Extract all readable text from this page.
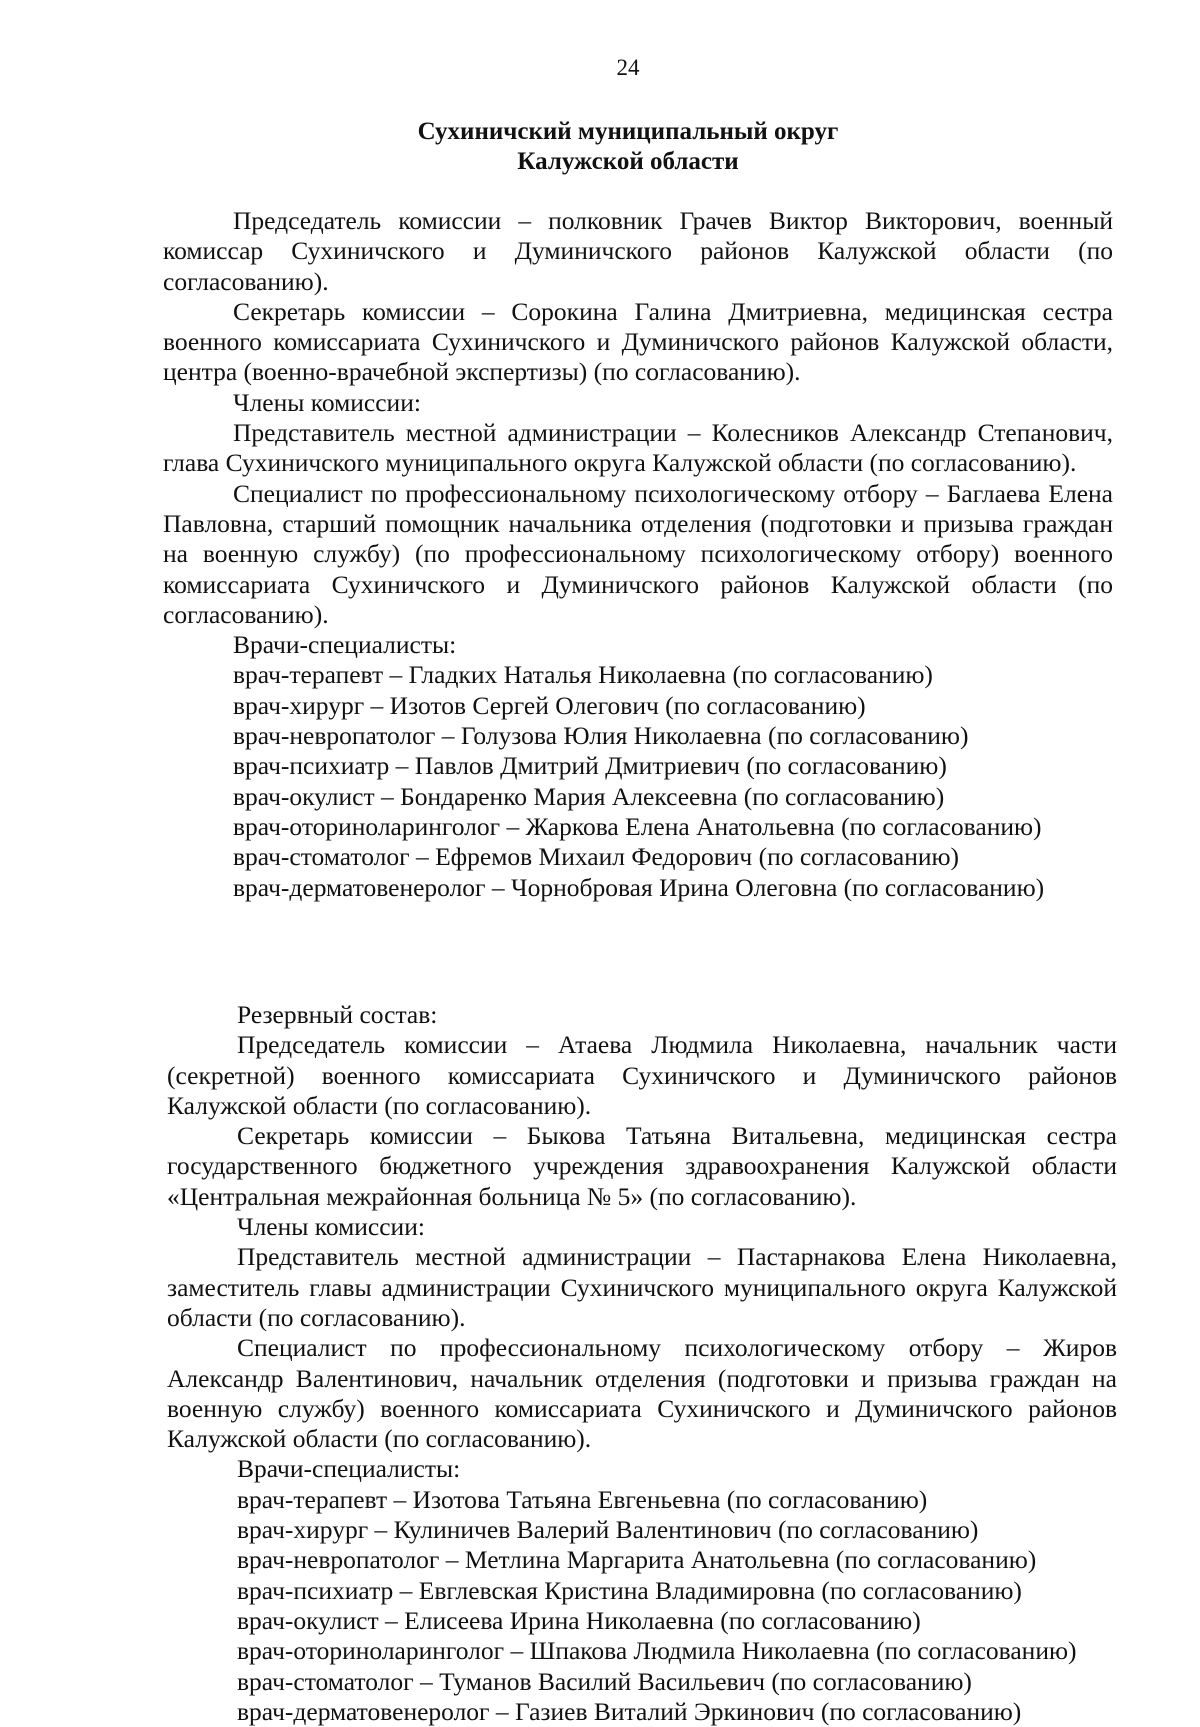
24
Сухиничский муниципальный округ
Калужской области

Председатель комиссии – полковник Грачев Виктор Викторович, военный комиссар Сухиничского и Думиничского районов Калужской области (по согласованию).

Секретарь комиссии – Сорокина Галина Дмитриевна, медицинская сестра военного комиссариата Сухиничского и Думиничского районов Калужской области, центра (военно-врачебной экспертизы) (по согласованию).

Члены комиссии:

Представитель местной администрации – Колесников Александр Степанович, глава Сухиничского муниципального округа Калужской области (по согласованию).

Специалист по профессиональному психологическому отбору – Баглаева Елена Павловна, старший помощник начальника отделения (подготовки и призыва граждан на военную службу) (по профессиональному психологическому отбору) военного комиссариата Сухиничского и Думиничского районов Калужской области (по согласованию).

Врачи-специалисты:

врач-терапевт – Гладких Наталья Николаевна (по согласованию)

врач-хирург – Изотов Сергей Олегович (по согласованию)

врач-невропатолог – Голузова Юлия Николаевна (по согласованию)

врач-психиатр – Павлов Дмитрий Дмитриевич (по согласованию)

врач-окулист – Бондаренко Мария Алексеевна (по согласованию)

врач-оториноларинголог – Жаркова Елена Анатольевна (по согласованию)

врач-стоматолог – Ефремов Михаил Федорович (по согласованию)

врач-дерматовенеролог – Чорнобровая Ирина Олеговна (по согласованию)

Резервный состав:

Председатель комиссии – Атаева Людмила Николаевна, начальник части (секретной) военного комиссариата Сухиничского и Думиничского районов Калужской области (по согласованию).

Секретарь комиссии – Быкова Татьяна Витальевна, медицинская сестра государственного бюджетного учреждения здравоохранения Калужской области «Центральная межрайонная больница № 5» (по согласованию).

Члены комиссии:

Представитель местной администрации – Пастарнакова Елена Николаевна, заместитель главы администрации Сухиничского муниципального округа Калужской области (по согласованию).

Специалист по профессиональному психологическому отбору – Жиров Александр Валентинович, начальник отделения (подготовки и призыва граждан на военную службу) военного комиссариата Сухиничского и Думиничского районов Калужской области (по согласованию).

Врачи-специалисты:

врач-терапевт – Изотова Татьяна Евгеньевна (по согласованию)

врач-хирург – Кулиничев Валерий Валентинович (по согласованию)

врач-невропатолог – Метлина Маргарита Анатольевна (по согласованию)

врач-психиатр – Евглевская Кристина Владимировна (по согласованию)

врач-окулист – Елисеева Ирина Николаевна (по согласованию)

врач-оториноларинголог – Шпакова Людмила Николаевна (по согласованию)

врач-стоматолог – Туманов Василий Васильевич (по согласованию)

врач-дерматовенеролог – Газиев Виталий Эркинович (по согласованию)
